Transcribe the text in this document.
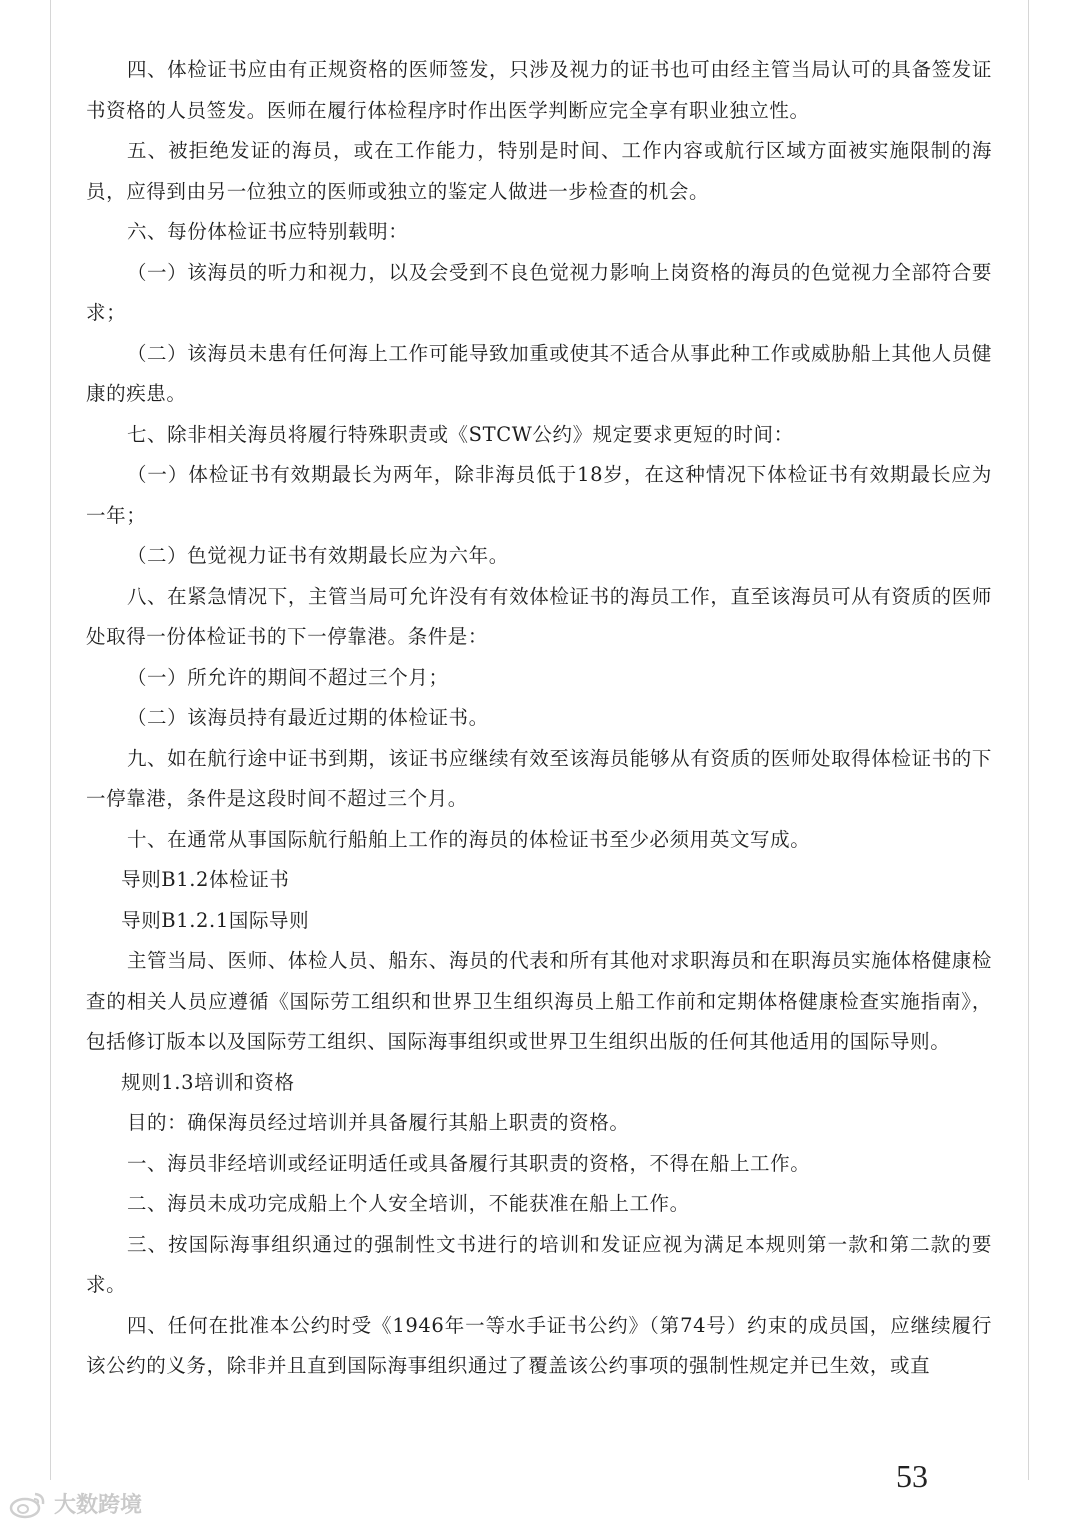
四、体检证书应由有正规资格的医师签发，只涉及视力的证书也可由经主管当局认可的具备签发证书资格的人员签发。医师在履行体检程序时作出医学判断应完全享有职业独立性。

五、被拒绝发证的海员，或在工作能力，特别是时间、工作内容或航行区域方面被实施限制的海员，应得到由另一位独立的医师或独立的鉴定人做进一步检查的机会。

六、每份体检证书应特别载明：

（一）该海员的听力和视力，以及会受到不良色觉视力影响上岗资格的海员的色觉视力全部符合要求；

（二）该海员未患有任何海上工作可能导致加重或使其不适合从事此种工作或威胁船上其他人员健康的疾患。

七、除非相关海员将履行特殊职责或《STCW公约》规定要求更短的时间：

（一）体检证书有效期最长为两年，除非海员低于18岁，在这种情况下体检证书有效期最长应为一年；

（二）色觉视力证书有效期最长应为六年。

八、在紧急情况下，主管当局可允许没有有效体检证书的海员工作，直至该海员可从有资质的医师处取得一份体检证书的下一停靠港。条件是：

（一）所允许的期间不超过三个月；

（二）该海员持有最近过期的体检证书。

九、如在航行途中证书到期，该证书应继续有效至该海员能够从有资质的医师处取得体检证书的下一停靠港，条件是这段时间不超过三个月。

十、在通常从事国际航行船舶上工作的海员的体检证书至少必须用英文写成。

导则B1.2体检证书

导则B1.2.1国际导则

主管当局、医师、体检人员、船东、海员的代表和所有其他对求职海员和在职海员实施体格健康检查的相关人员应遵循《国际劳工组织和世界卫生组织海员上船工作前和定期体格健康检查实施指南》，包括修订版本以及国际劳工组织、国际海事组织或世界卫生组织出版的任何其他适用的国际导则。

规则1.3培训和资格

目的：确保海员经过培训并具备履行其船上职责的资格。

一、海员非经培训或经证明适任或具备履行其职责的资格，不得在船上工作。

二、海员未成功完成船上个人安全培训，不能获准在船上工作。

三、按国际海事组织通过的强制性文书进行的培训和发证应视为满足本规则第一款和第二款的要求。

四、任何在批准本公约时受《1946年一等水手证书公约》（第74号）约束的成员国，应继续履行该公约的义务，除非并且直到国际海事组织通过了覆盖该公约事项的强制性规定并已生效，或直

53
大数跨境
